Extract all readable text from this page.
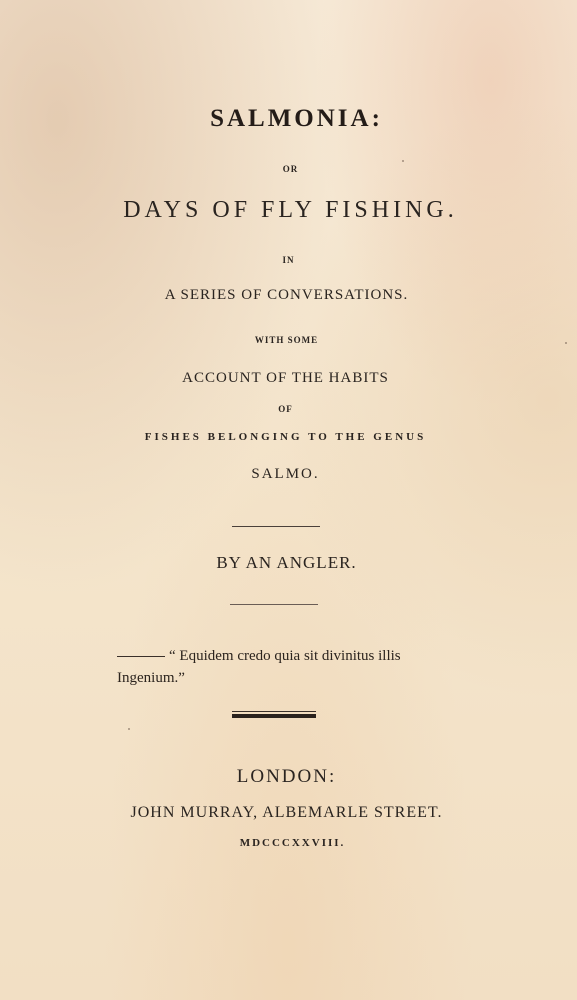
SALMONIA:
OR
DAYS OF FLY FISHING.
IN
A SERIES OF CONVERSATIONS.
WITH SOME
ACCOUNT OF THE HABITS
OF
FISHES BELONGING TO THE GENUS
SALMO.
BY AN ANGLER.
“ Equidem credo quia sit divinitus illis
Ingenium.”
LONDON:
JOHN MURRAY, ALBEMARLE STREET.
MDCCCXXVIII.
